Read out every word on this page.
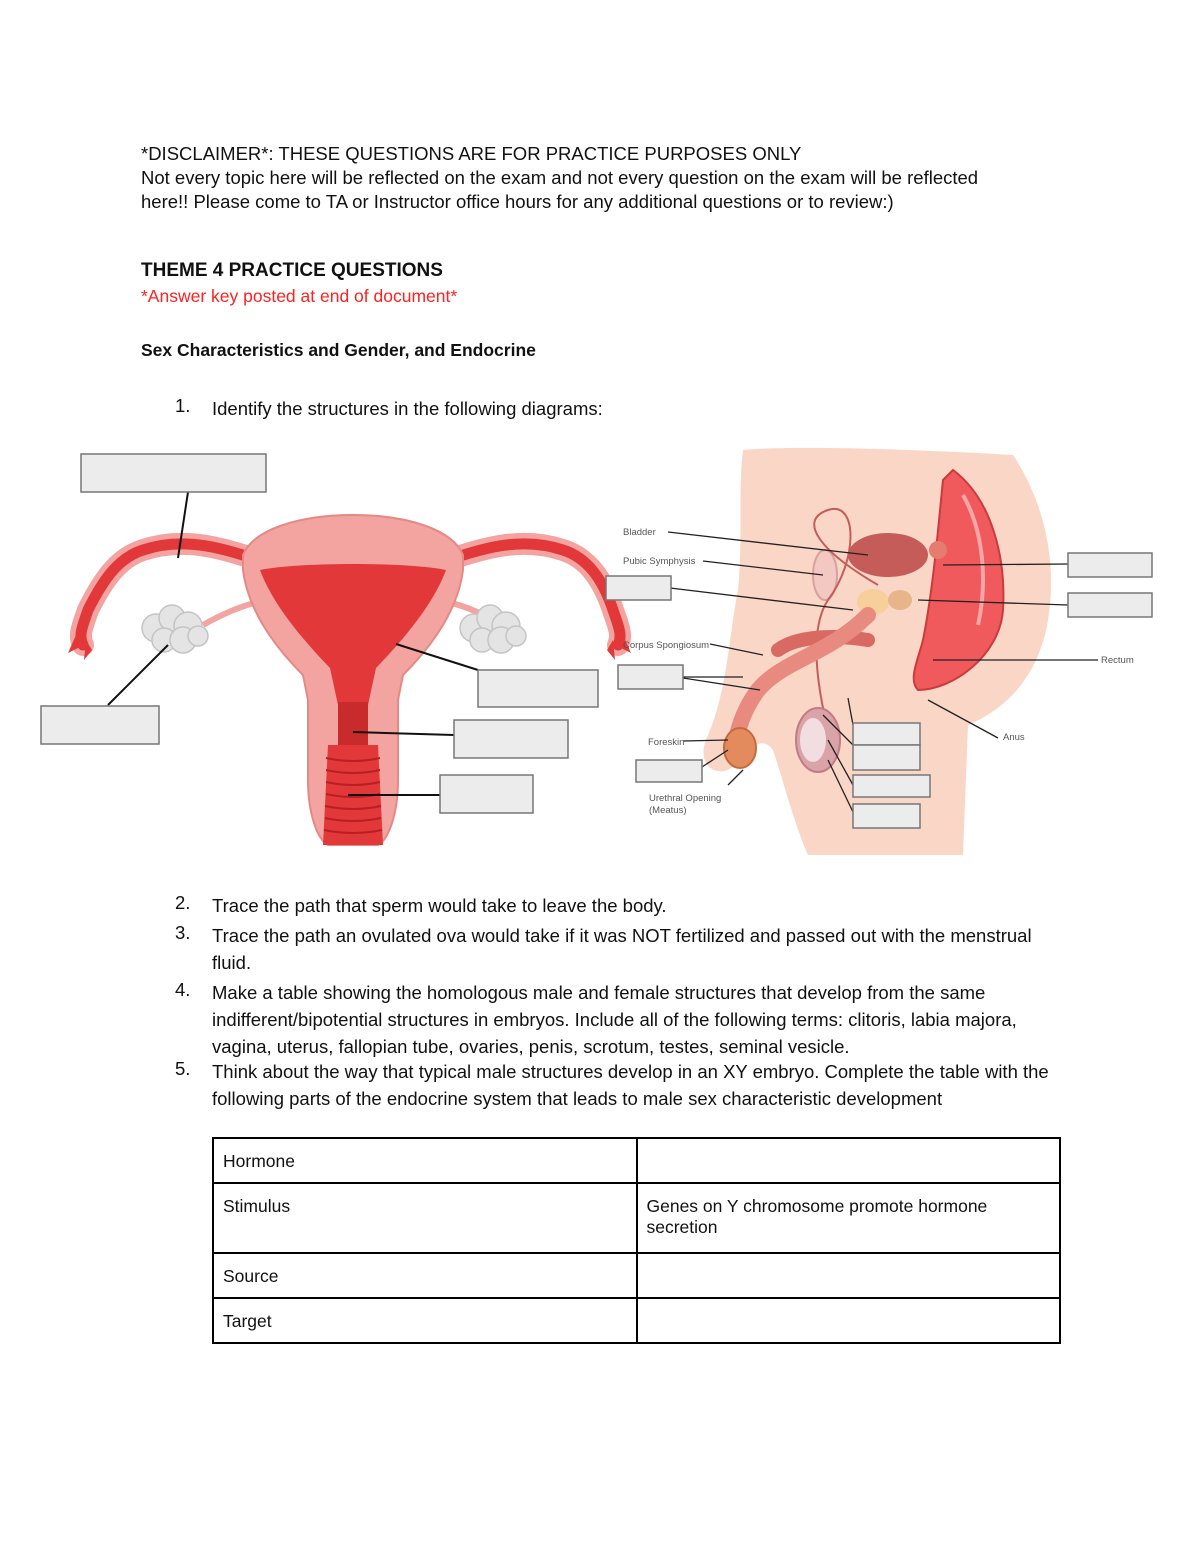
*DISCLAIMER*: THESE QUESTIONS ARE FOR PRACTICE PURPOSES ONLY
Not every topic here will be reflected on the exam and not every question on the exam will be reflected
here!! Please come to TA or Instructor office hours for any additional questions or to review:)
THEME 4 PRACTICE QUESTIONS
*Answer key posted at end of document*
Sex Characteristics and Gender, and Endocrine
1. Identify the structures in the following diagrams:
2. Trace the path that sperm would take to leave the body.
3. Trace the path an ovulated ova would take if it was NOT fertilized and passed out with the menstrual fluid.
4. Make a table showing the homologous male and female structures that develop from the same indifferent/bipotential structures in embryos. Include all of the following terms: clitoris, labia majora, vagina, uterus, fallopian tube, ovaries, penis, scrotum, testes, seminal vesicle.
5. Think about the way that typical male structures develop in an XY embryo. Complete the table with the following parts of the endocrine system that leads to male sex characteristic development
Bladder
Pubic Symphysis
Corpus Spongiosum
Foreskin
Urethral Opening
(Meatus)
Rectum
Anus
Hormone	
Stimulus	Genes on Y chromosome promote hormone secretion
Source	
Target	
